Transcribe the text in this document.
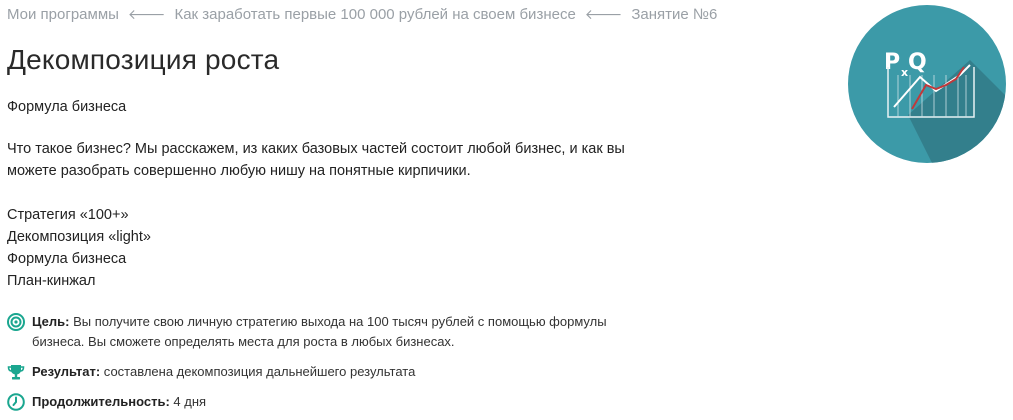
Мои программы 🡐 Как заработать первые 100 000 рублей на своем бизнесе 🡐 Занятие №6
Декомпозиция роста

Формула бизнеса

Что такое бизнес? Мы расскажем, из каких базовых частей состоит любой бизнес, и как вы можете разобрать совершенно любую нишу на понятные кирпичики.

Стратегия «100+»
Декомпозиция «light»
Формула бизнеса
План-кинжал
Цель: Вы получите свою личную стратегию выхода на 100 тысяч рублей с помощью формулы бизнеса. Вы сможете определять места для роста в любых бизнесах.
Результат: составлена декомпозиция дальнейшего результата
Продолжительность: 4 дня
P x Q
